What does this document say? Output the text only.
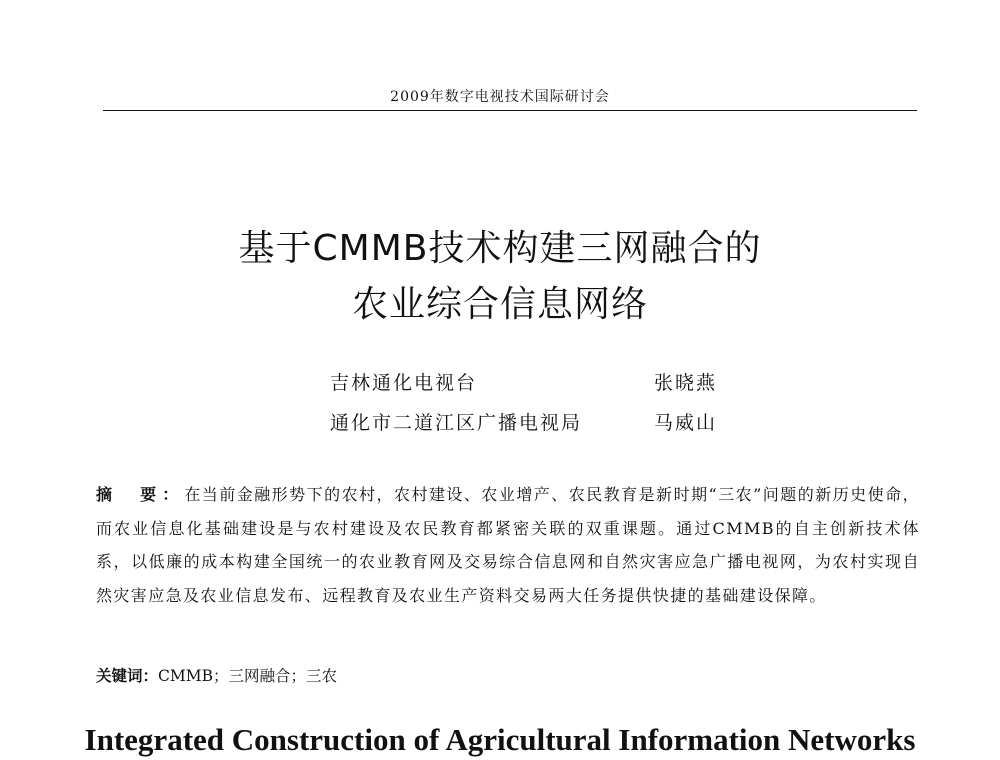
2009年数字电视技术国际研讨会
基于CMMB技术构建三网融合的
农业综合信息网络
吉林通化电视台	张晓燕
通化市二道江区广播电视局	马威山
摘　要：在当前金融形势下的农村，农村建设、农业增产、农民教育是新时期“三农”问题的新历史使命，而农业信息化基础建设是与农村建设及农民教育都紧密关联的双重课题。通过CMMB的自主创新技术体系，以低廉的成本构建全国统一的农业教育网及交易综合信息网和自然灾害应急广播电视网，为农村实现自然灾害应急及农业信息发布、远程教育及农业生产资料交易两大任务提供快捷的基础建设保障。
关键词：CMMB；三网融合；三农
Integrated Construction of Agricultural Information Networks
